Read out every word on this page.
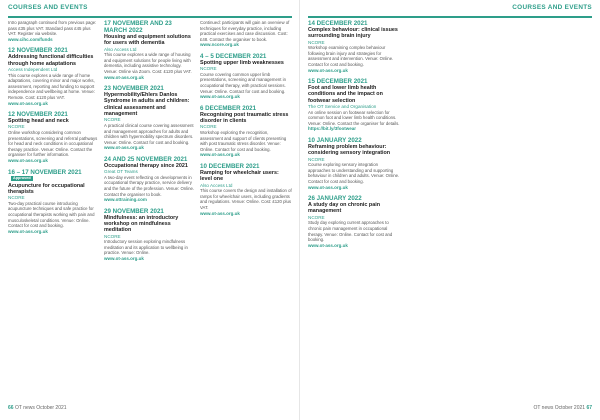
COURSES AND EVENTS	COURSES AND EVENTS
Intro paragraph continued from previous page: pass £35 plus VAT. Standard pass £45 plus VAT. Register via website.
www.cihc.com/funds
12 NOVEMBER 2021
Addressing functional difficulties through home adaptations
Access Independent Ltd
This course explores a wide range of home adaptations, covering minor and major works, assessment, reporting and funding to support independence and wellbeing at home. Venue: Remote. Cost: £120 plus VAT.
www.ot-ass.org.uk
12 NOVEMBER 2021
Spotting head and neck
NCORE
Online workshop considering common presentations, screening and referral pathways for head and neck conditions in occupational therapy practice. Venue: Online. Contact the organiser for further information.
www.ot-ass.org.uk
16 – 17 NOVEMBER 2021Approved
Acupuncture for occupational therapists
NCORE
Two-day practical course introducing acupuncture techniques and safe practice for occupational therapists working with pain and musculoskeletal conditions. Venue: Online. Contact for cost and booking.
www.ot-ass.org.uk
17 NOVEMBER AND 23 MARCH 2022
Housing and equipment solutions for users with dementia
Also Access Ltd
This course explores a wide range of housing and equipment solutions for people living with dementia, including assistive technology. Venue: Online via Zoom. Cost: £120 plus VAT.
www.ot-ass.org.uk
23 NOVEMBER 2021
Hypermobility/Ehlers Danlos Syndrome in adults and children: clinical assessment and management
NCORE
A practical clinical course covering assessment and management approaches for adults and children with hypermobility spectrum disorders. Venue: Online. Contact for cost and booking.
www.ot-ass.org.uk
24 AND 25 NOVEMBER 2021
Occupational therapy since 2021
Great OT Teams
A two-day event reflecting on developments in occupational therapy practice, service delivery and the future of the profession. Venue: Online. Contact the organiser to book.
www.ottraining.com
29 NOVEMBER 2021
Mindfulness: an introductory workshop on mindfulness meditation
NCORE
Introductory session exploring mindfulness meditation and its application to wellbeing in practice. Venue: Online.
www.ot-ass.org.uk
Continued: participants will gain an overview of techniques for everyday practice, including practical exercises and case discussion. Cost: £48. Contact the organiser to book.
www.ncore.org.uk
4 – 5 DECEMBER 2021
Spotting upper limb weaknesses
NCORE
Course covering common upper limb presentations, screening and management in occupational therapy, with practical sessions. Venue: Online. Contact for cost and booking.
www.ot-ass.org.uk
6 DECEMBER 2021
Recognising post traumatic stress disorder in clients
NCORE
Workshop exploring the recognition, assessment and support of clients presenting with post traumatic stress disorder. Venue: Online. Contact for cost and booking.
www.ot-ass.org.uk
10 DECEMBER 2021
Ramping for wheelchair users: level one
Also Access Ltd
This course covers the design and installation of ramps for wheelchair users, including gradients and regulations. Venue: Online. Cost: £120 plus VAT.
www.ot-ass.org.uk
14 DECEMBER 2021
Complex behaviour: clinical issues surrounding brain injury
NCORE
Workshop examining complex behaviour following brain injury and strategies for assessment and intervention. Venue: Online. Contact for cost and booking.
www.ot-ass.org.uk
15 DECEMBER 2021
Foot and lower limb health conditions and the impact on footwear selection
The OT Service and Organisation
An online session on footwear selection for common foot and lower limb health conditions. Venue: Online. Contact the organiser for details.
https://bit.ly/3footwear
10 JANUARY 2022
Reframing problem behaviour: considering sensory integration
NCORE
Course exploring sensory integration approaches to understanding and supporting behaviour in children and adults. Venue: Online. Contact for cost and booking.
www.ot-ass.org.uk
26 JANUARY 2022
A study day on chronic pain management
NCORE
Study day exploring current approaches to chronic pain management in occupational therapy. Venue: Online. Contact for cost and booking.
www.ot-ass.org.uk
66 OT news October 2021	OT news October 2021 67
